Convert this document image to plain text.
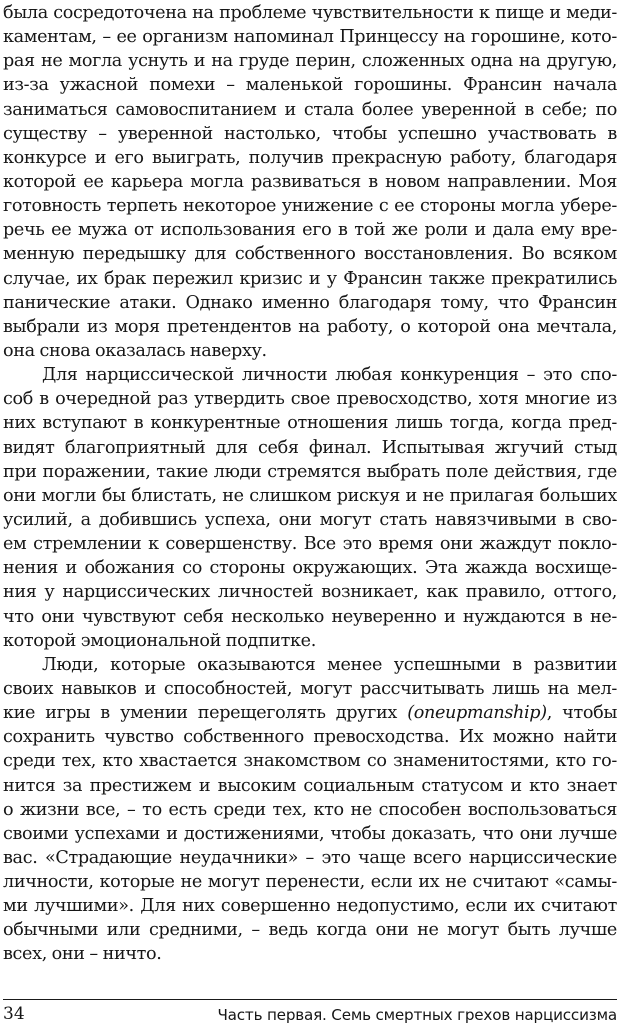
была сосредоточена на проблеме чувствительности к пище и меди-
каментам, – ее организм напоминал Принцессу на горошине, кото-
рая не могла уснуть и на груде перин, сложенных одна на другую,
из-за ужасной помехи – маленькой горошины. Франсин начала
заниматься самовоспитанием и стала более уверенной в себе; по
существу – уверенной настолько, чтобы успешно участвовать в
конкурсе и его выиграть, получив прекрасную работу, благодаря
которой ее карьера могла развиваться в новом направлении. Моя
готовность терпеть некоторое унижение с ее стороны могла убере-
речь ее мужа от использования его в той же роли и дала ему вре-
менную передышку для собственного восстановления. Во всяком
случае, их брак пережил кризис и у Франсин также прекратились
панические атаки. Однако именно благодаря тому, что Франсин
выбрали из моря претендентов на работу, о которой она мечтала,
она снова оказалась наверху.
Для нарциссической личности любая конкуренция – это спо-
соб в очередной раз утвердить свое превосходство, хотя многие из
них вступают в конкурентные отношения лишь тогда, когда пред-
видят благоприятный для себя финал. Испытывая жгучий стыд
при поражении, такие люди стремятся выбрать поле действия, где
они могли бы блистать, не слишком рискуя и не прилагая больших
усилий, а добившись успеха, они могут стать навязчивыми в сво-
ем стремлении к совершенству. Все это время они жаждут покло-
нения и обожания со стороны окружающих. Эта жажда восхище-
ния у нарциссических личностей возникает, как правило, оттого,
что они чувствуют себя несколько неуверенно и нуждаются в не-
которой эмоциональной подпитке.
Люди, которые оказываются менее успешными в развитии
своих навыков и способностей, могут рассчитывать лишь на мел-
кие игры в умении перещеголять других (oneupmanship), чтобы
сохранить чувство собственного превосходства. Их можно найти
среди тех, кто хвастается знакомством со знаменитостями, кто го-
нится за престижем и высоким социальным статусом и кто знает
о жизни все, – то есть среди тех, кто не способен воспользоваться
своими успехами и достижениями, чтобы доказать, что они лучше
вас. «Страдающие неудачники» – это чаще всего нарциссические
личности, которые не могут перенести, если их не считают «самы-
ми лучшими». Для них совершенно недопустимо, если их считают
обычными или средними, – ведь когда они не могут быть лучше
всех, они – ничто.
34	Часть первая. Семь смертных грехов нарциссизма
